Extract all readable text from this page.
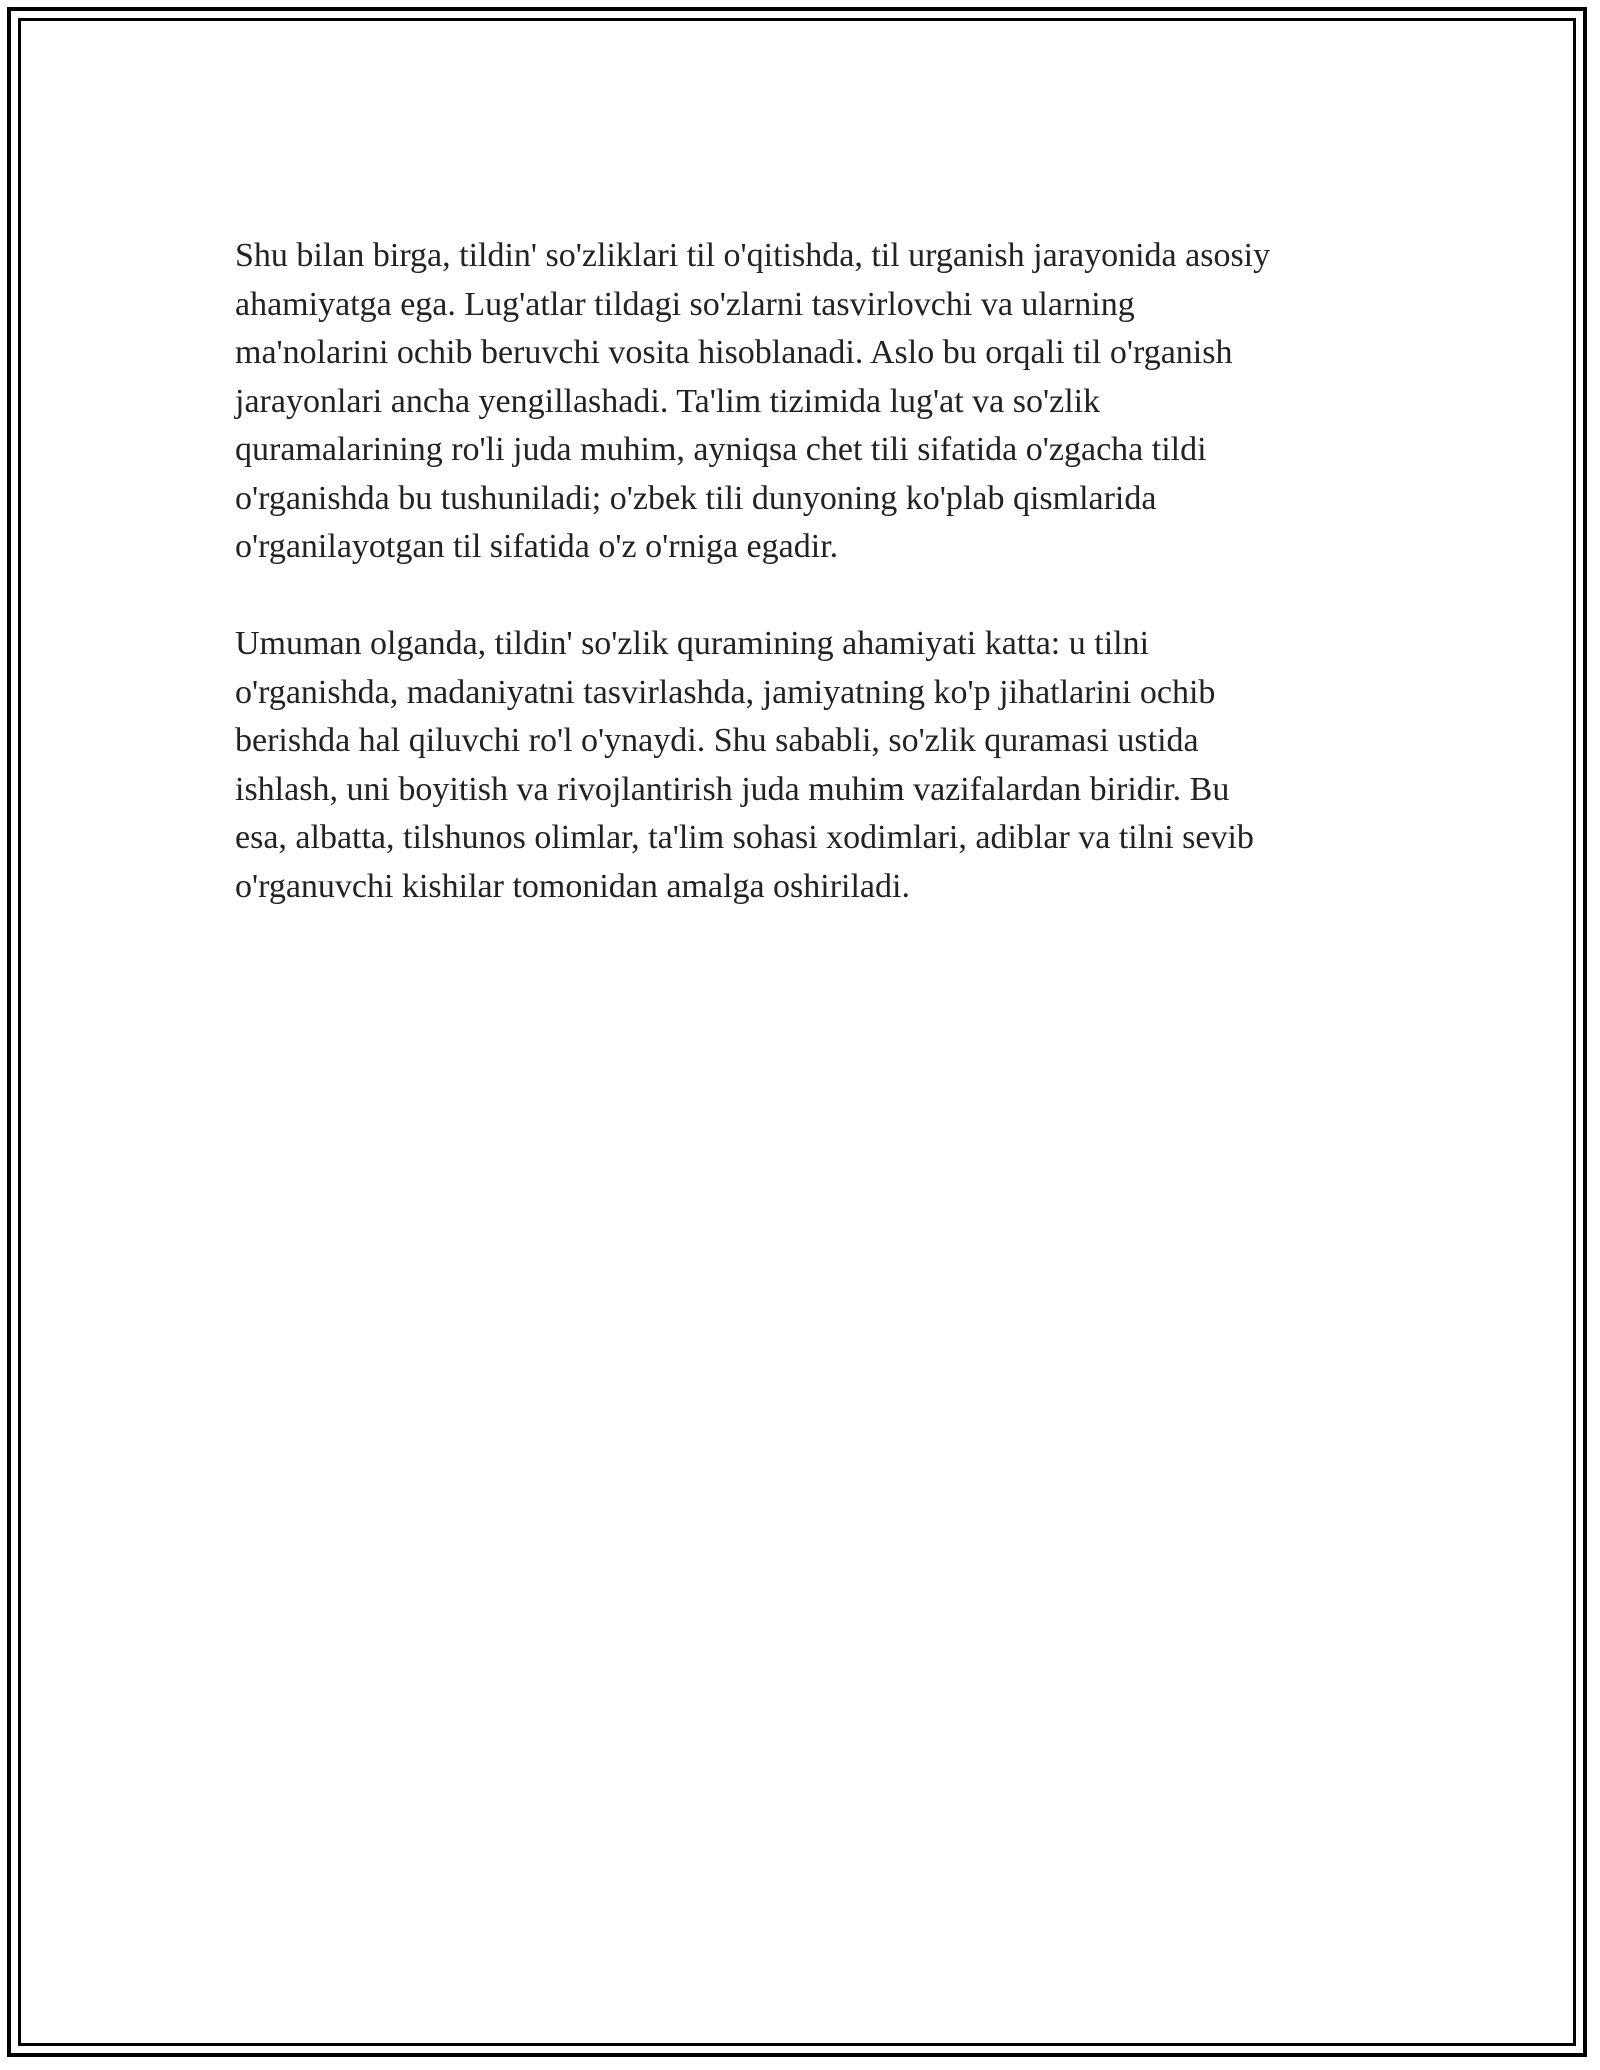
Shu bilan birga, tildin' so'zliklari til o'qitishda, til urganish jarayonida asosiy
ahamiyatga ega. Lug'atlar tildagi so'zlarni tasvirlovchi va ularning
ma'nolarini ochib beruvchi vosita hisoblanadi. Aslo bu orqali til o'rganish
jarayonlari ancha yengillashadi. Ta'lim tizimida lug'at va so'zlik
quramalarining ro'li juda muhim, ayniqsa chet tili sifatida o'zgacha tildi
o'rganishda bu tushuniladi; o'zbek tili dunyoning ko'plab qismlarida
o'rganilayotgan til sifatida o'z o'rniga egadir.

Umuman olganda, tildin' so'zlik quramining ahamiyati katta: u tilni
o'rganishda, madaniyatni tasvirlashda, jamiyatning ko'p jihatlarini ochib
berishda hal qiluvchi ro'l o'ynaydi. Shu sababli, so'zlik quramasi ustida
ishlash, uni boyitish va rivojlantirish juda muhim vazifalardan biridir. Bu
esa, albatta, tilshunos olimlar, ta'lim sohasi xodimlari, adiblar va tilni sevib
o'rganuvchi kishilar tomonidan amalga oshiriladi.
